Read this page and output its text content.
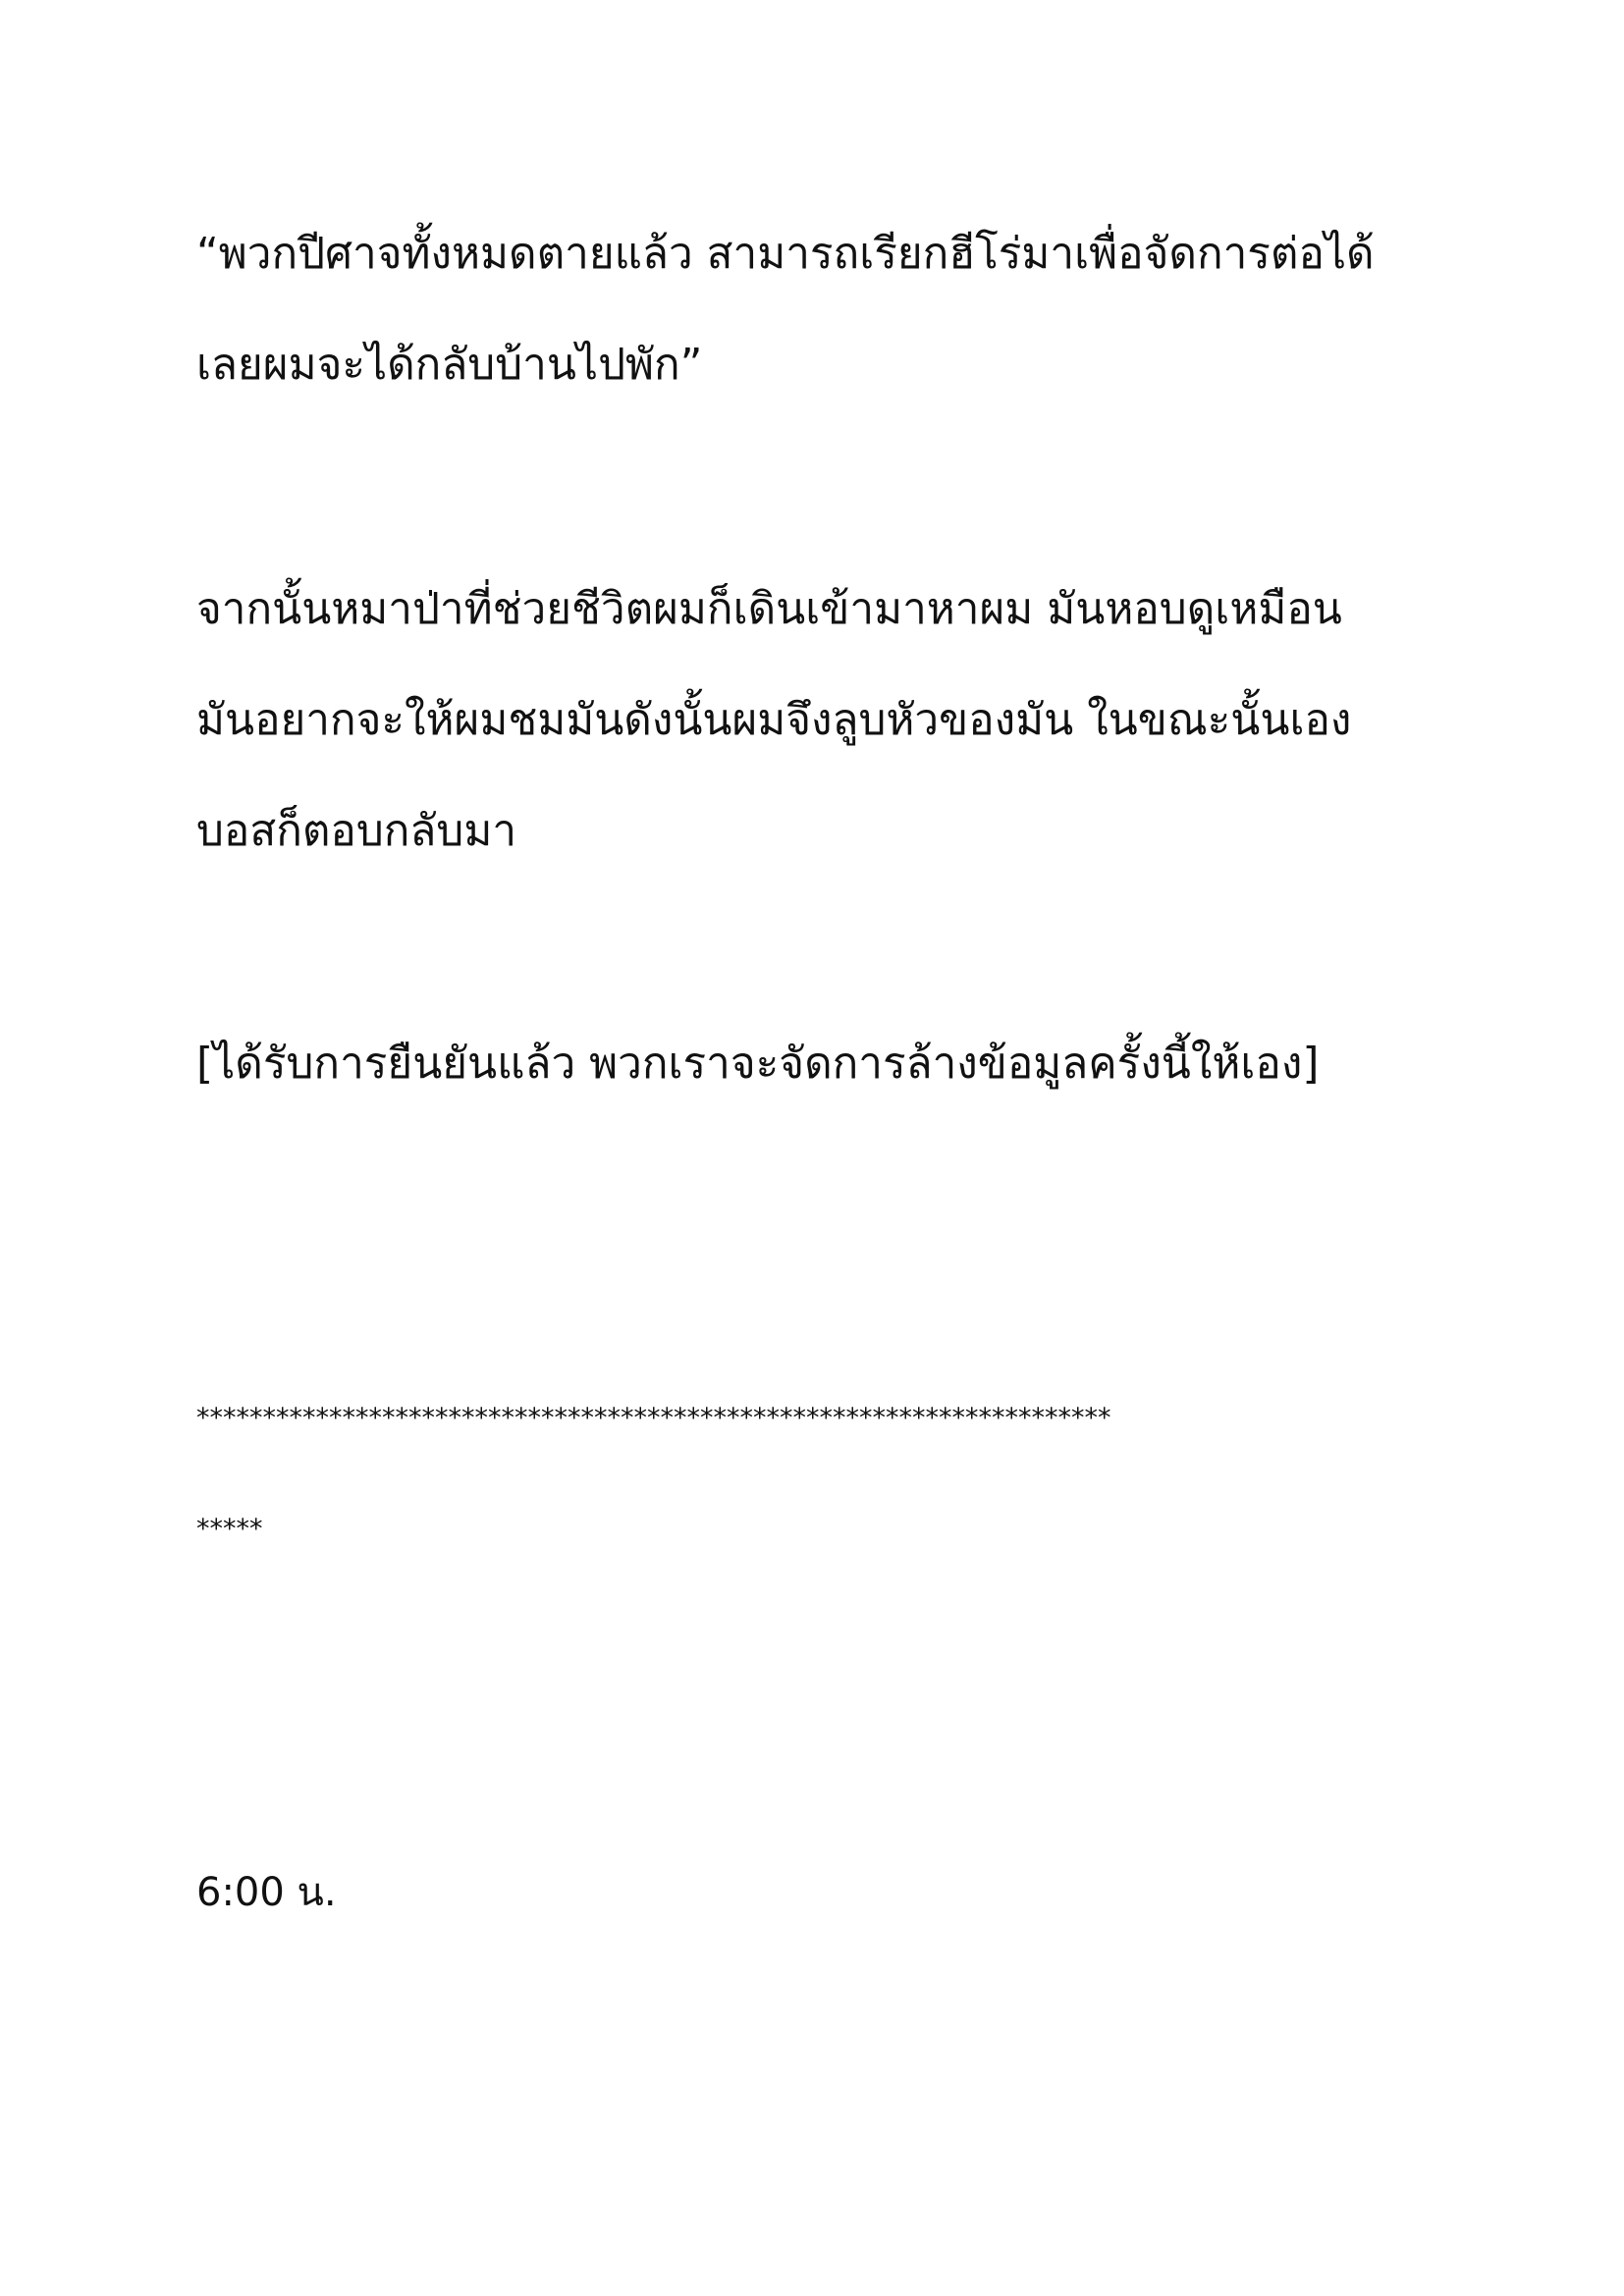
“พวกปีศาจทั้งหมดตายแล้ว สามารถเรียกฮีโร่มาเพื่อจัดการต่อได้
เลยผมจะได้กลับบ้านไปพัก”

จากนั้นหมาป่าที่ช่วยชีวิตผมก็เดินเข้ามาหาผม มันหอบดูเหมือน
มันอยากจะให้ผมชมมันดังนั้นผมจึงลูบหัวของมัน ในขณะนั้นเอง
บอสก็ตอบกลับมา

[ได้รับการยืนยันแล้ว พวกเราจะจัดการล้างข้อมูลครั้งนี้ให้เอง]

*********************************************************************
*****

6:00 น.
